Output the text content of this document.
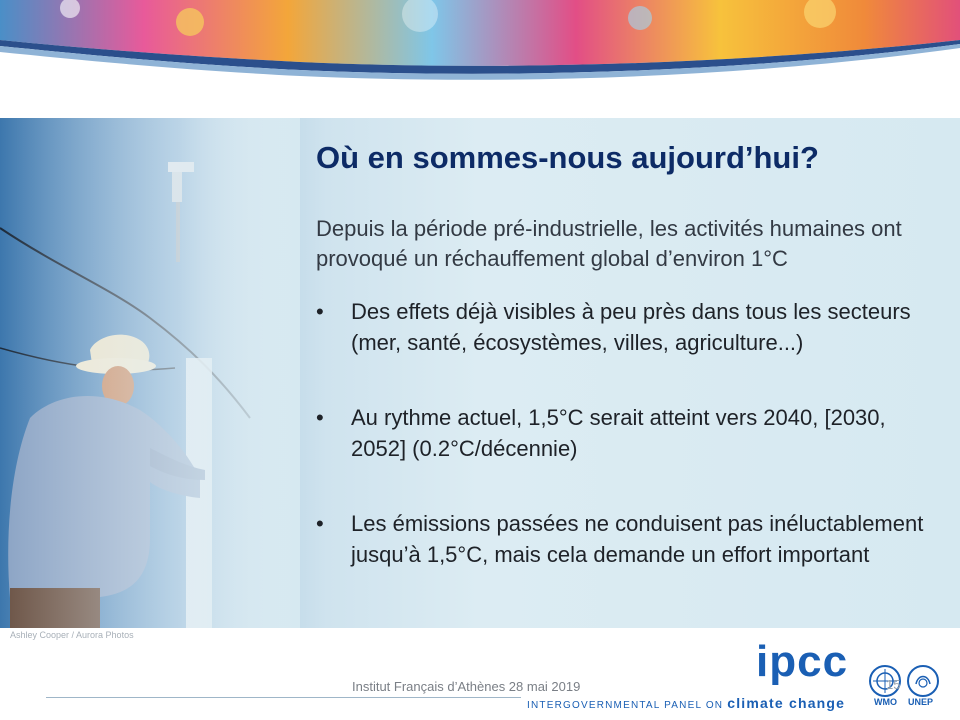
Où en sommes-nous aujourd’hui?
Depuis la période pré-industrielle, les activités humaines ont provoqué un réchauffement global d’environ 1°C
• Des effets déjà visibles à peu près dans tous les secteurs (mer, santé, écosystèmes, villes, agriculture...)
• Au rythme actuel, 1,5°C serait atteint vers 2040, [2030, 2052] (0.2°C/décennie)
• Les émissions passées ne conduisent pas inéluctablement jusqu’à 1,5°C, mais cela demande un effort important
Ashley Cooper / Aurora Photos
Institut Français d’Athènes 28 mai 2019
ipcc
INTERGOVERNMENTAL PANEL ON climate change	WMO
15
UNEP
